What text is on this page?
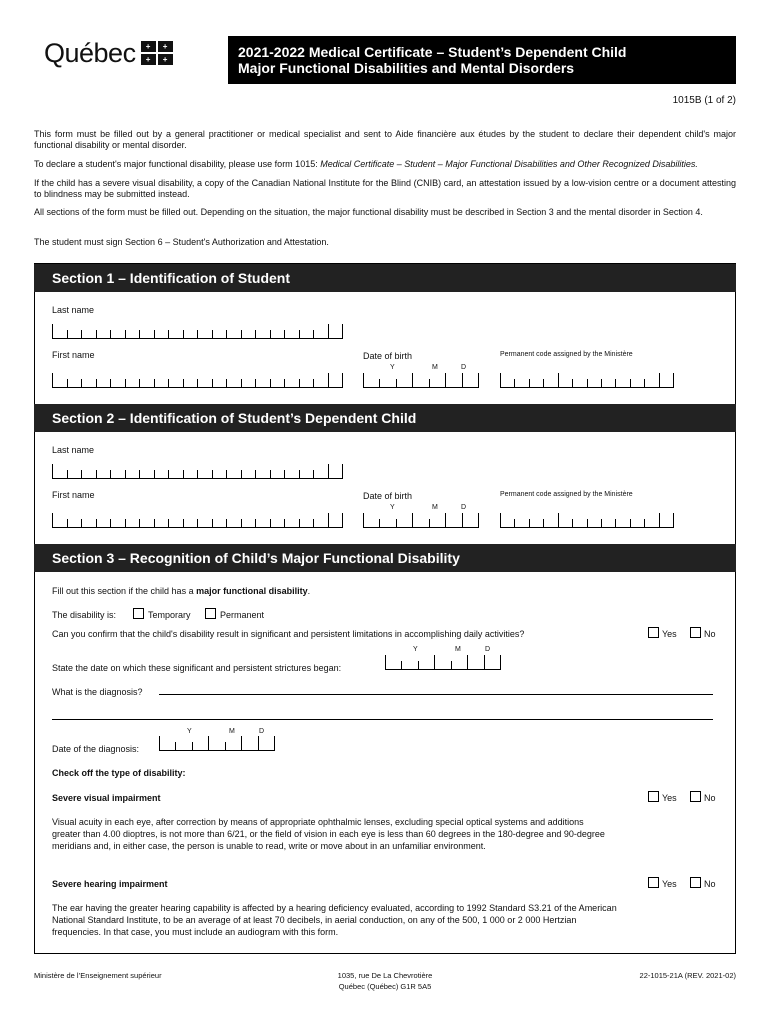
Québec	+	+
+	+	2021-2022 Medical Certificate – Student’s Dependent Child
Major Functional Disabilities and Mental Disorders
1015B (1 of 2)
This form must be filled out by a general practitioner or medical specialist and sent to Aide financière aux études by the student to declare their dependent child's major functional disability or mental disorder.
To declare a student's major functional disability, please use form 1015: Medical Certificate – Student – Major Functional Disabilities and Other Recognized Disabilities.
If the child has a severe visual disability, a copy of the Canadian National Institute for the Blind (CNIB) card, an attestation issued by a low-vision centre or a document attesting to blindness may be submitted instead.
All sections of the form must be filled out. Depending on the situation, the major functional disability must be described in Section 3 and the mental disorder in Section 4.
The student must sign Section 6 – Student's Authorization and Attestation.
Section 1 – Identification of Student
Last name
First name	Date of birth
Y	M	D
Permanent code assigned by the Ministère
Section 2 – Identification of Student’s Dependent Child
Last name
First name	Date of birth
Y	M	D
Permanent code assigned by the Ministère
Section 3 – Recognition of Child’s Major Functional Disability
Fill out this section if the child has a major functional disability.
The disability is:	Temporary	Permanent
Can you confirm that the child's disability result in significant and persistent limitations in accomplishing daily activities?	Yes	No
Y	M	D
State the date on which these significant and persistent strictures began:
What is the diagnosis?
Y	M	D
Date of the diagnosis:
Check off the type of disability:
Severe visual impairment	Yes	No
Visual acuity in each eye, after correction by means of appropriate ophthalmic lenses, excluding special optical systems and additions greater than 4.00 dioptres, is not more than 6/21, or the field of vision in each eye is less than 60 degrees in the 180-degree and 90-degree meridians and, in either case, the person is unable to read, write or move about in an unfamiliar environment.
Severe hearing impairment	Yes	No
The ear having the greater hearing capability is affected by a hearing deficiency evaluated, according to 1992 Standard S3.21 of the American National Standard Institute, to be an average of at least 70 decibels, in aerial conduction, on any of the 500, 1 000 or 2 000 Hertzian frequencies. In that case, you must include an audiogram with this form.
Ministère de l’Enseignement supérieur	1035, rue De La Chevrotière
Québec (Québec) G1R 5A5
22-1015-21A (REV. 2021-02)
